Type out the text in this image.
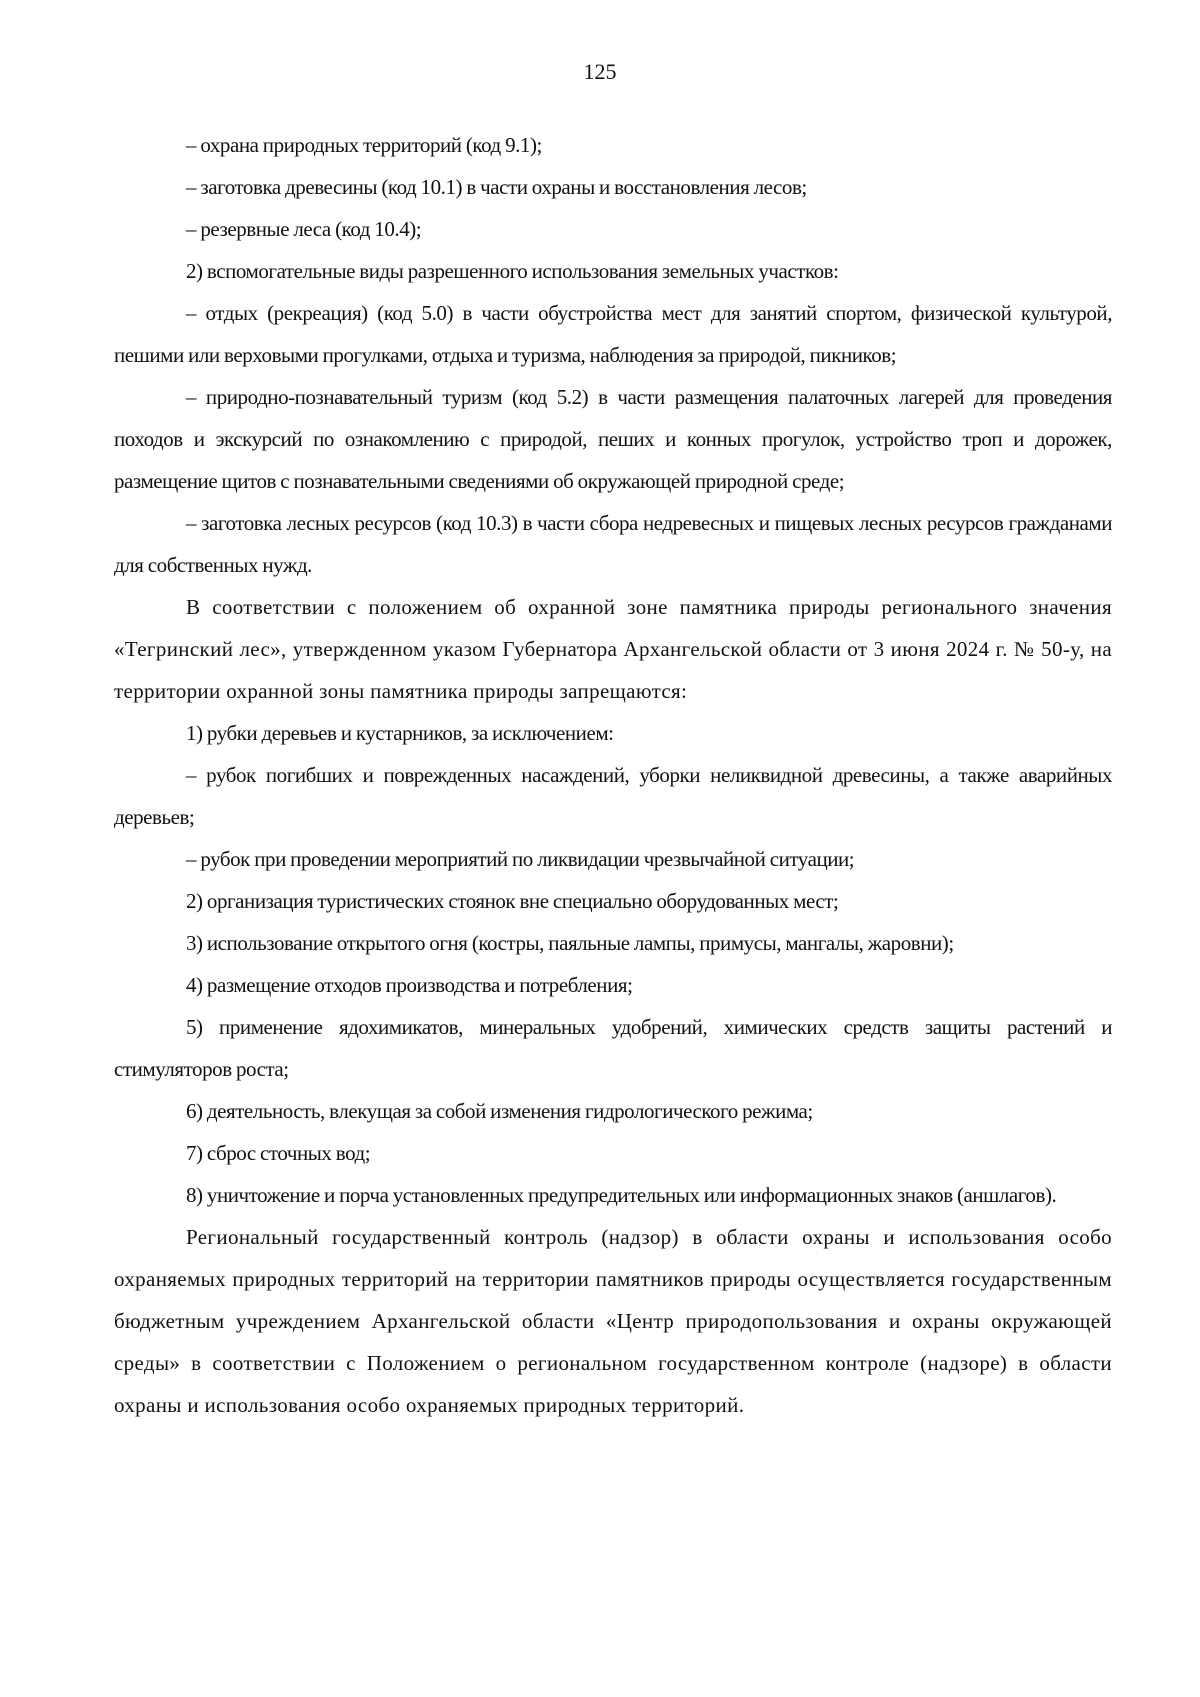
125

– охрана природных территорий (код 9.1);

– заготовка древесины (код 10.1) в части охраны и восстановления лесов;

– резервные леса (код 10.4);

2) вспомогательные виды разрешенного использования земельных участков:

– отдых (рекреация) (код 5.0) в части обустройства мест для занятий спортом, физической культурой, пешими или верховыми прогулками, отдыха и туризма, наблюдения за природой, пикников;

– природно-познавательный туризм (код 5.2) в части размещения палаточных лагерей для проведения походов и экскурсий по ознакомлению с природой, пеших и конных прогулок, устройство троп и дорожек, размещение щитов с познавательными сведениями об окружающей природной среде;

– заготовка лесных ресурсов (код 10.3) в части сбора недревесных и пищевых лесных ресурсов гражданами для собственных нужд.

В соответствии с положением об охранной зоне памятника природы регионального значения «Тегринский лес», утвержденном указом Губернатора Архангельской области от 3 июня 2024 г. № 50-у, на территории охранной зоны памятника природы запрещаются:

1) рубки деревьев и кустарников, за исключением:

– рубок погибших и поврежденных насаждений, уборки неликвидной древесины, а также аварийных деревьев;

– рубок при проведении мероприятий по ликвидации чрезвычайной ситуации;

2) организация туристических стоянок вне специально оборудованных мест;

3) использование открытого огня (костры, паяльные лампы, примусы, мангалы, жаровни);

4) размещение отходов производства и потребления;

5) применение ядохимикатов, минеральных удобрений, химических средств защиты растений и стимуляторов роста;

6) деятельность, влекущая за собой изменения гидрологического режима;

7) сброс сточных вод;

8) уничтожение и порча установленных предупредительных или информационных знаков (аншлагов).

Региональный государственный контроль (надзор) в области охраны и использования особо охраняемых природных территорий на территории памятников природы осуществляется государственным бюджетным учреждением Архангельской области «Центр природопользования и охраны окружающей среды» в соответствии с Положением о региональном государственном контроле (надзоре) в области охраны и использования особо охраняемых природных территорий.
